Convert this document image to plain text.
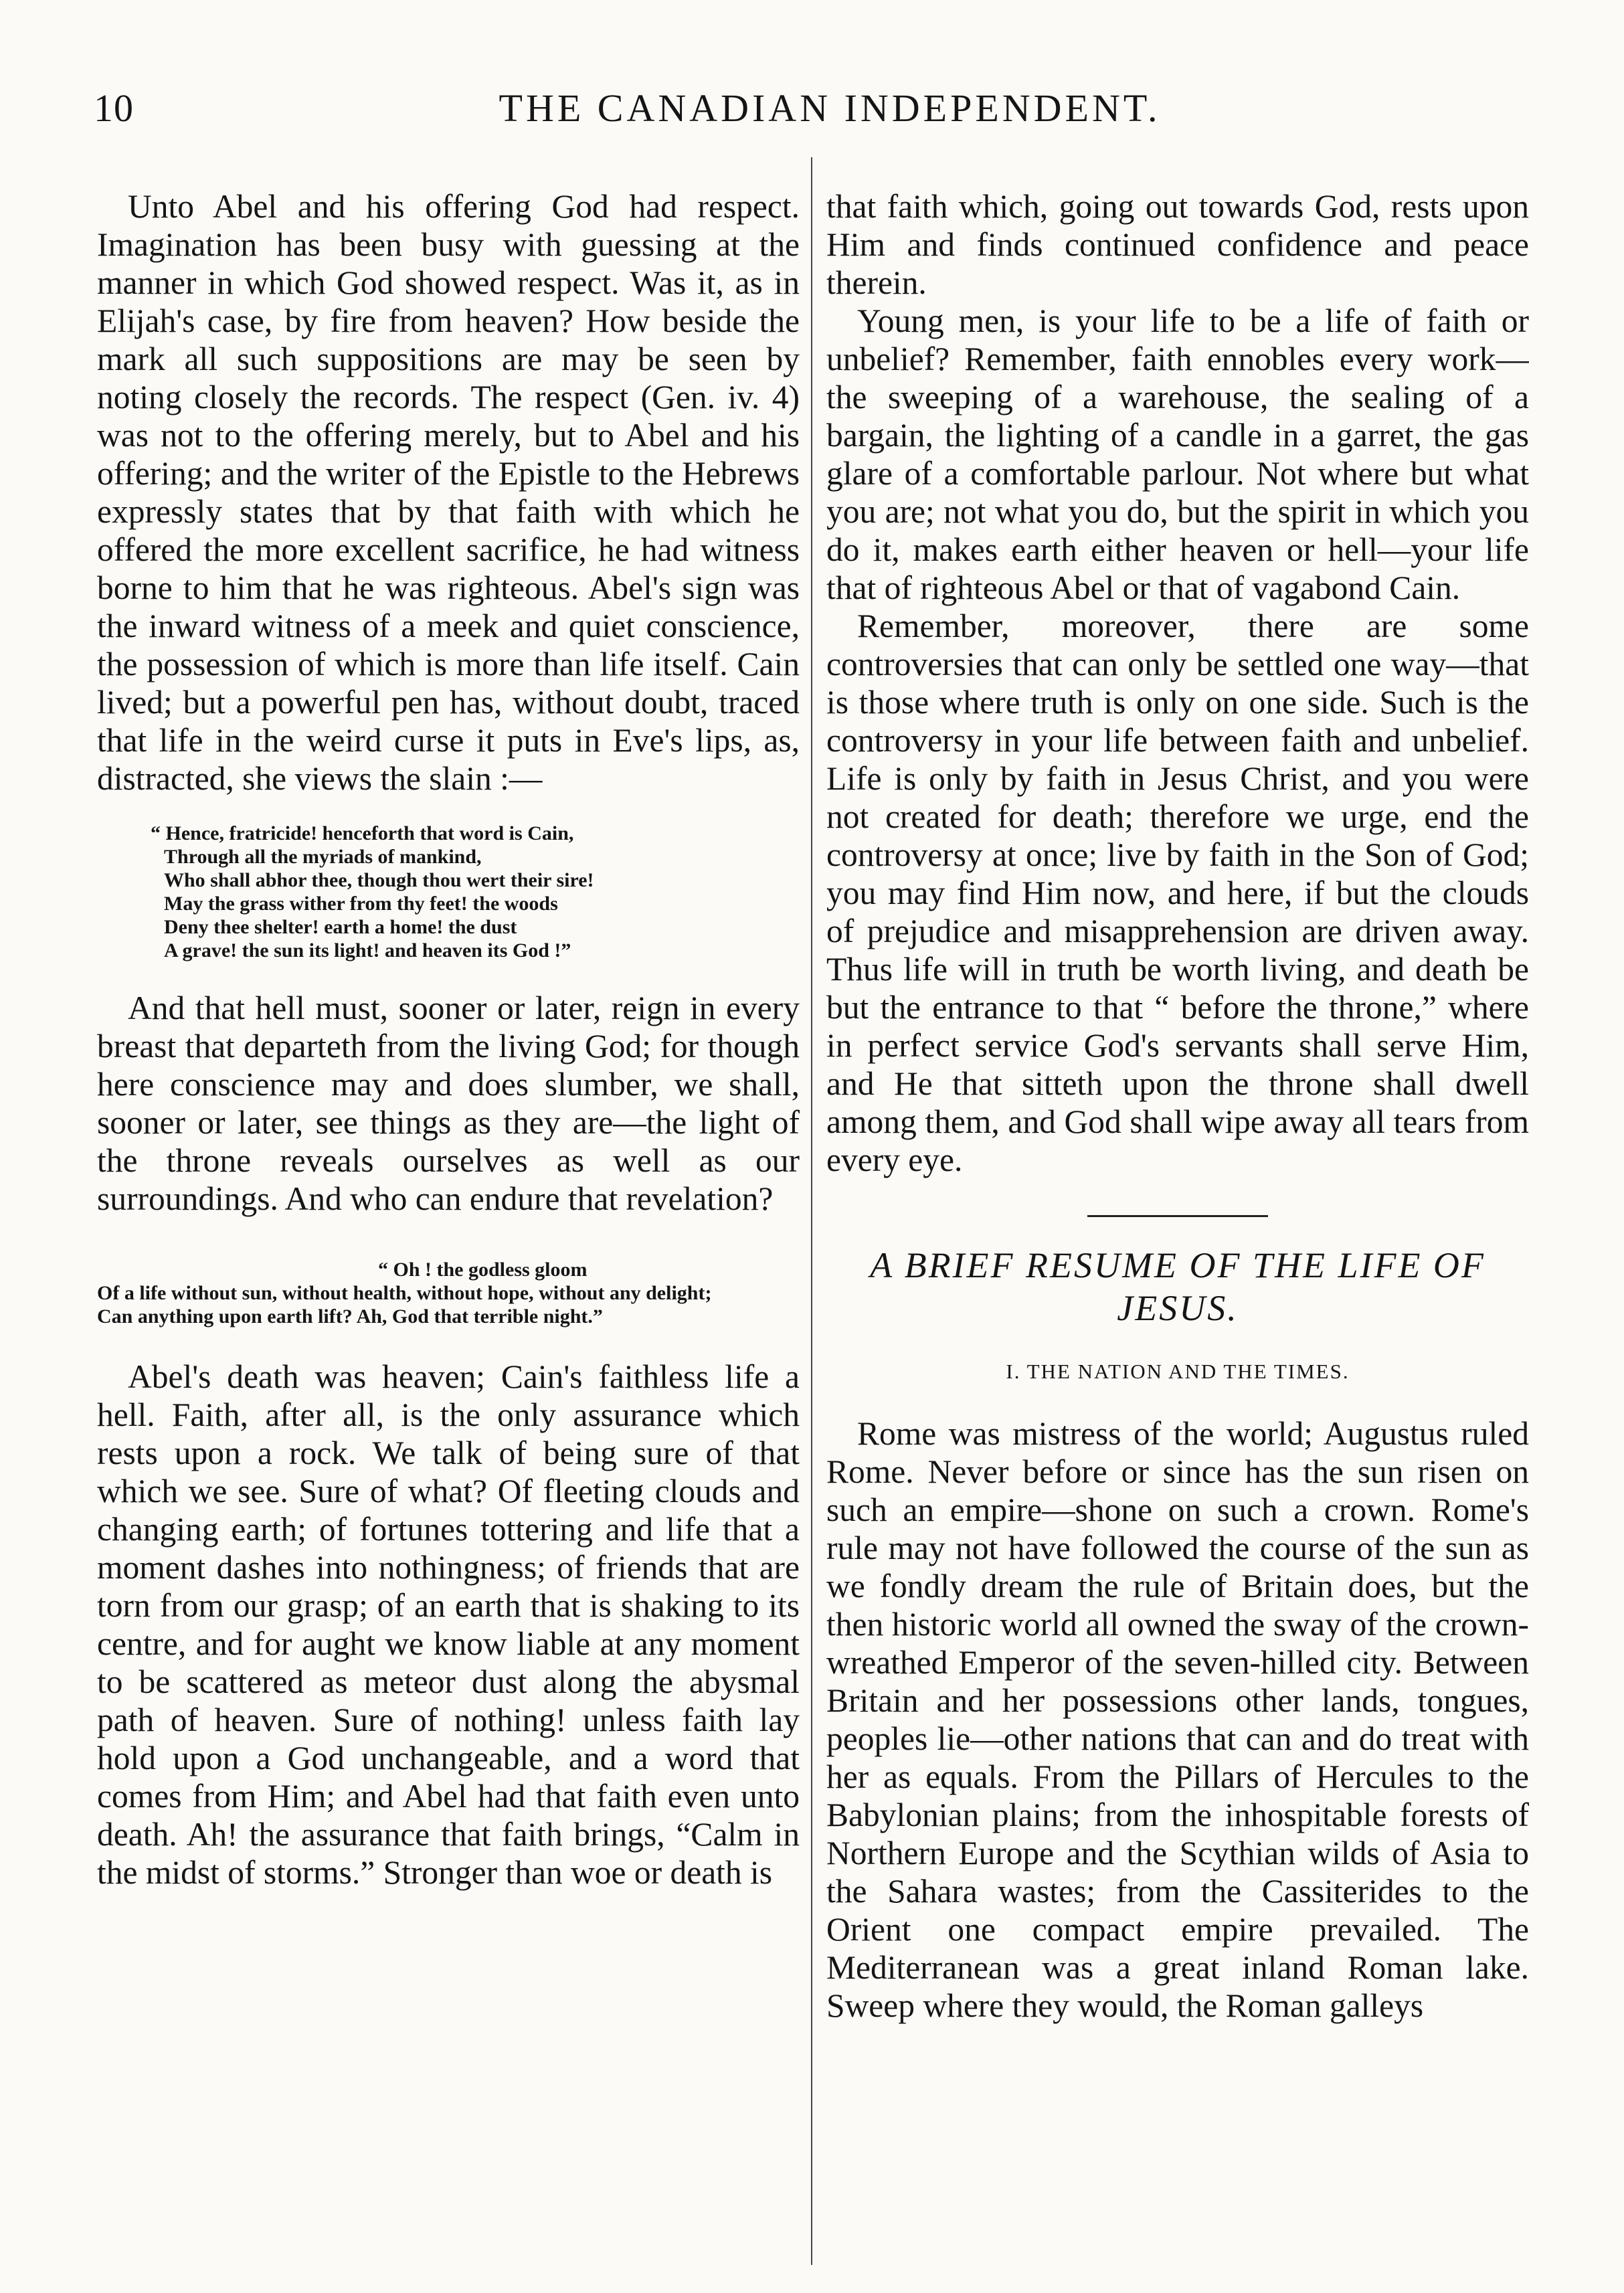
10	THE CANADIAN INDEPENDENT.

Unto Abel and his offering God had respect. Imagination has been busy with guessing at the manner in which God showed respect. Was it, as in Elijah's case, by fire from heaven? How beside the mark all such suppositions are may be seen by noting closely the records. The respect (Gen. iv. 4) was not to the offering merely, but to Abel and his offering; and the writer of the Epistle to the Hebrews expressly states that by that faith with which he offered the more excellent sacrifice, he had witness borne to him that he was righteous. Abel's sign was the inward witness of a meek and quiet conscience, the possession of which is more than life itself. Cain lived; but a powerful pen has, without doubt, traced that life in the weird curse it puts in Eve's lips, as, distracted, she views the slain :—

“ Hence, fratricide! henceforth that word is Cain,
Through all the myriads of mankind,
Who shall abhor thee, though thou wert their sire!
May the grass wither from thy feet! the woods
Deny thee shelter! earth a home! the dust
A grave! the sun its light! and heaven its God !”

And that hell must, sooner or later, reign in every breast that departeth from the living God; for though here conscience may and does slumber, we shall, sooner or later, see things as they are—the light of the throne reveals ourselves as well as our surroundings. And who can endure that revelation?

“ Oh ! the godless gloom
Of a life without sun, without health, without hope, without any delight;
Can anything upon earth lift? Ah, God that terrible night.”

Abel's death was heaven; Cain's faithless life a hell. Faith, after all, is the only assurance which rests upon a rock. We talk of being sure of that which we see. Sure of what? Of fleeting clouds and changing earth; of fortunes tottering and life that a moment dashes into nothingness; of friends that are torn from our grasp; of an earth that is shaking to its centre, and for aught we know liable at any moment to be scattered as meteor dust along the abysmal path of heaven. Sure of nothing! unless faith lay hold upon a God unchangeable, and a word that comes from Him; and Abel had that faith even unto death. Ah! the assurance that faith brings, “Calm in the midst of storms.” Stronger than woe or death is

that faith which, going out towards God, rests upon Him and finds continued confidence and peace therein.

Young men, is your life to be a life of faith or unbelief? Remember, faith ennobles every work—the sweeping of a warehouse, the sealing of a bargain, the lighting of a candle in a garret, the gas glare of a comfortable parlour. Not where but what you are; not what you do, but the spirit in which you do it, makes earth either heaven or hell—your life that of righteous Abel or that of vagabond Cain.

Remember, moreover, there are some controversies that can only be settled one way—that is those where truth is only on one side. Such is the controversy in your life between faith and unbelief. Life is only by faith in Jesus Christ, and you were not created for death; therefore we urge, end the controversy at once; live by faith in the Son of God; you may find Him now, and here, if but the clouds of prejudice and misapprehension are driven away. Thus life will in truth be worth living, and death be but the entrance to that “ before the throne,” where in perfect service God's servants shall serve Him, and He that sitteth upon the throne shall dwell among them, and God shall wipe away all tears from every eye.

A BRIEF RESUME OF THE LIFE OF JESUS.
I. THE NATION AND THE TIMES.

Rome was mistress of the world; Augustus ruled Rome. Never before or since has the sun risen on such an empire—shone on such a crown. Rome's rule may not have followed the course of the sun as we fondly dream the rule of Britain does, but the then historic world all owned the sway of the crown-wreathed Emperor of the seven-hilled city. Between Britain and her possessions other lands, tongues, peoples lie—other nations that can and do treat with her as equals. From the Pillars of Hercules to the Babylonian plains; from the inhospitable forests of Northern Europe and the Scythian wilds of Asia to the Sahara wastes; from the Cassiterides to the Orient one compact empire prevailed. The Mediterranean was a great inland Roman lake. Sweep where they would, the Roman galleys
